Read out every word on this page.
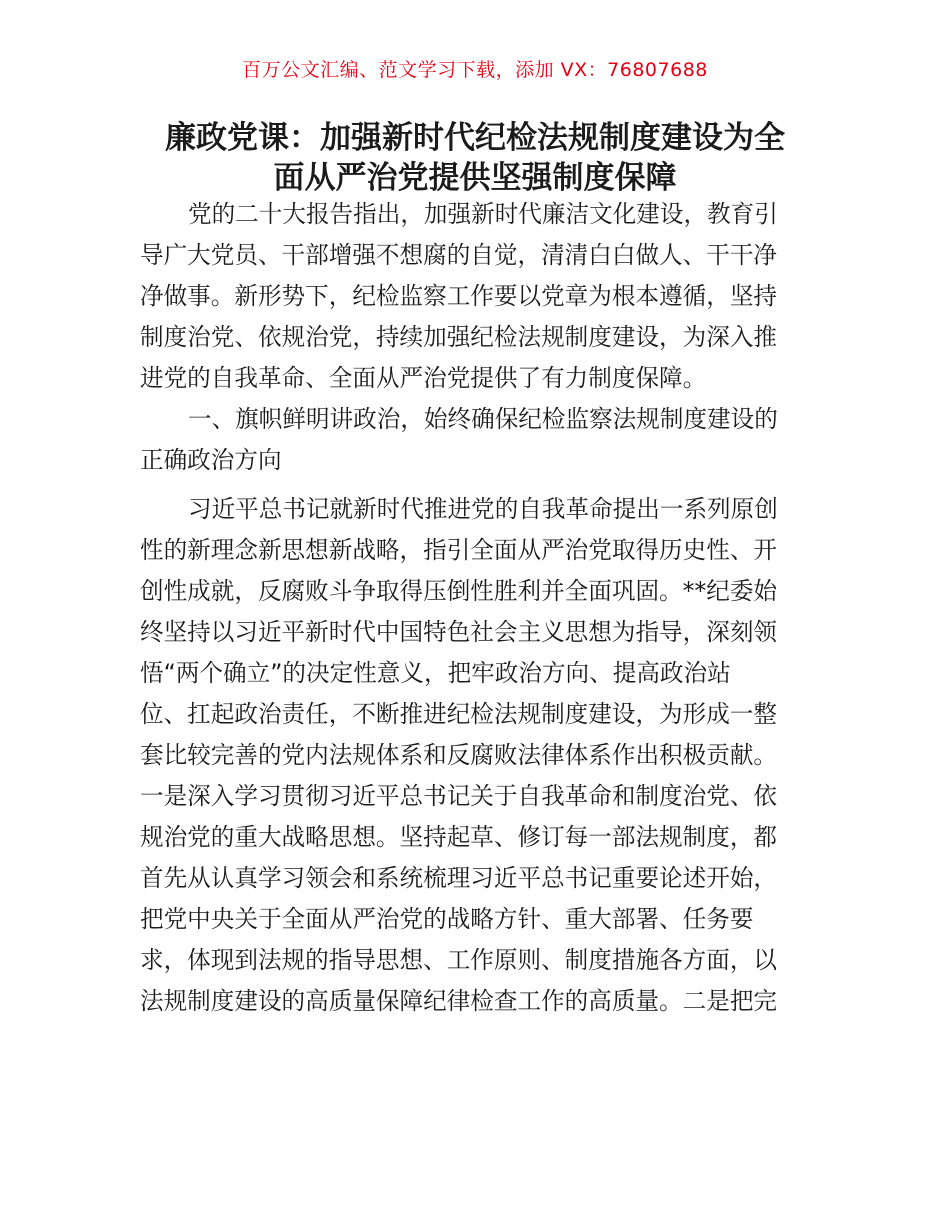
百万公文汇编、范文学习下载，添加 VX：76807688
廉政党课：加强新时代纪检法规制度建设为全
面从严治党提供坚强制度保障
党的二十大报告指出，加强新时代廉洁文化建设，教育引
导广大党员、干部增强不想腐的自觉，清清白白做人、干干净
净做事。新形势下，纪检监察工作要以党章为根本遵循，坚持
制度治党、依规治党，持续加强纪检法规制度建设，为深入推
进党的自我革命、全面从严治党提供了有力制度保障。
一、旗帜鲜明讲政治，始终确保纪检监察法规制度建设的
正确政治方向
习近平总书记就新时代推进党的自我革命提出一系列原创
性的新理念新思想新战略，指引全面从严治党取得历史性、开
创性成就，反腐败斗争取得压倒性胜利并全面巩固。**纪委始
终坚持以习近平新时代中国特色社会主义思想为指导，深刻领
悟“两个确立”的决定性意义，把牢政治方向、提高政治站
位、扛起政治责任，不断推进纪检法规制度建设，为形成一整
套比较完善的党内法规体系和反腐败法律体系作出积极贡献。
一是深入学习贯彻习近平总书记关于自我革命和制度治党、依
规治党的重大战略思想。坚持起草、修订每一部法规制度，都
首先从认真学习领会和系统梳理习近平总书记重要论述开始，
把党中央关于全面从严治党的战略方针、重大部署、任务要
求，体现到法规的指导思想、工作原则、制度措施各方面，以
法规制度建设的高质量保障纪律检查工作的高质量。二是把完
